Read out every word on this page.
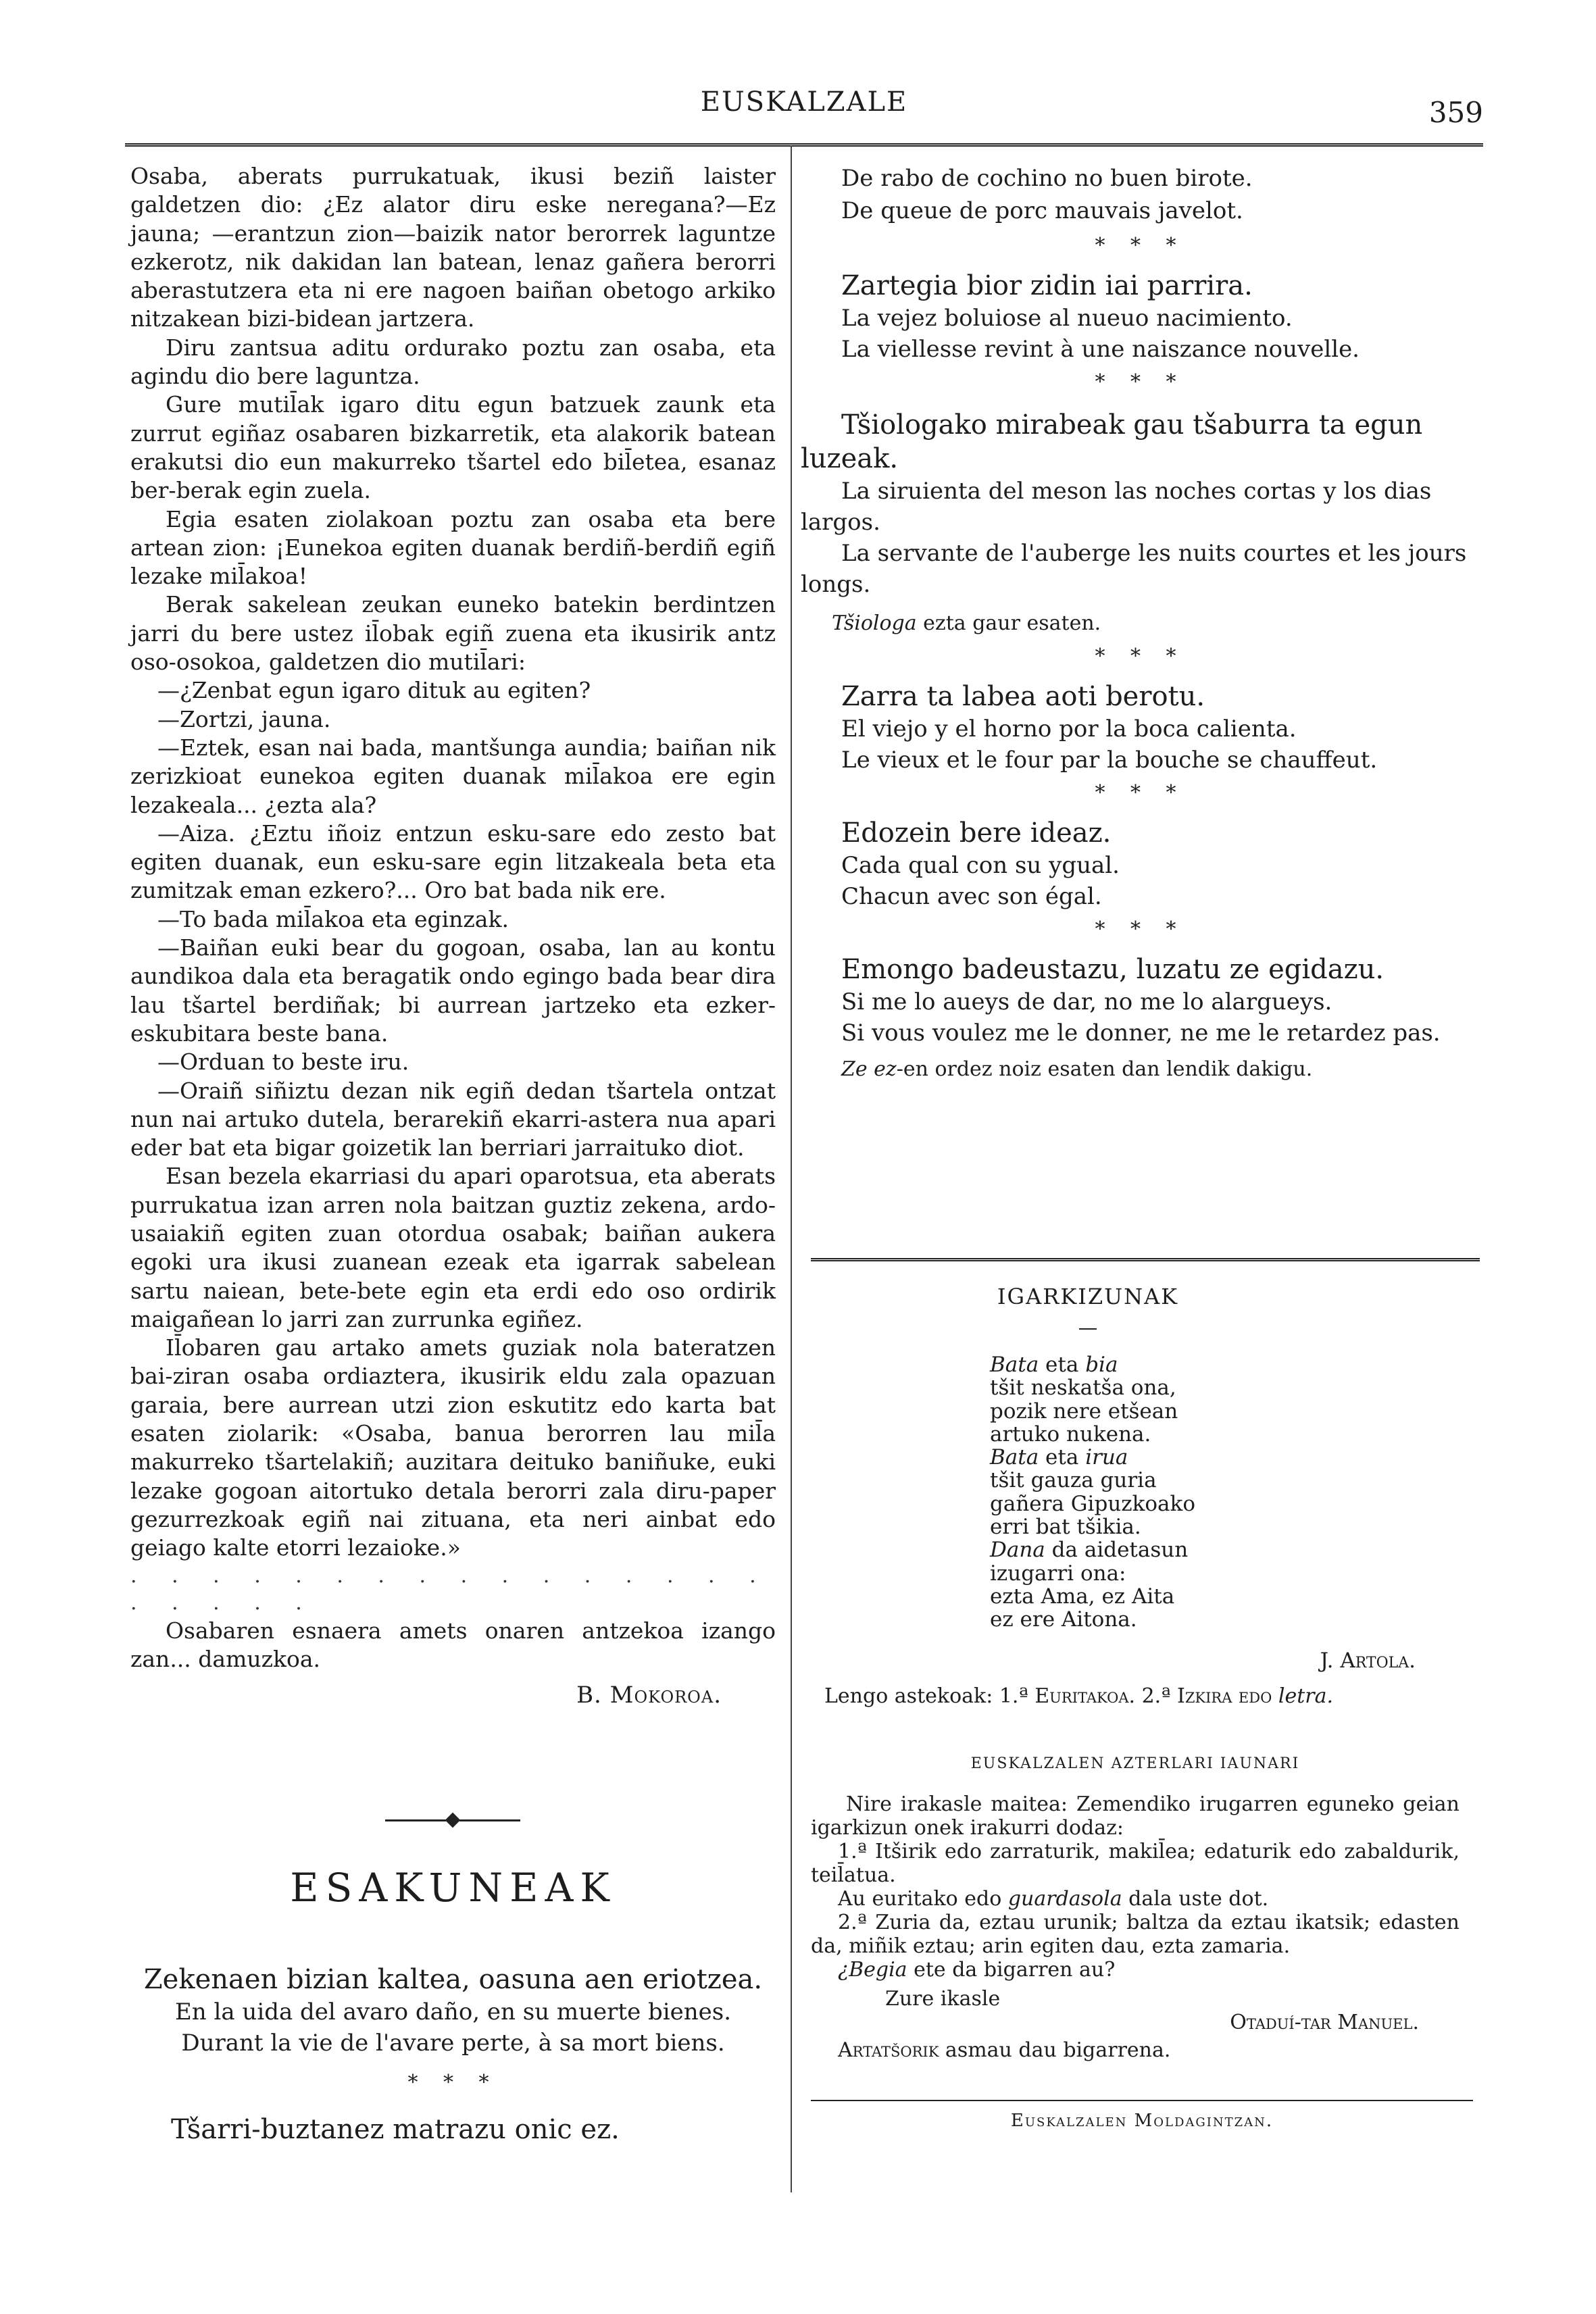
EUSKALZALE	359

Osaba, aberats purrukatuak, ikusi beziñ laister galdetzen dio: ¿Ez alator diru eske neregana?—Ez jauna; —erantzun zion—baizik nator berorrek laguntze ezkerotz, nik dakidan lan batean, lenaz gañera berorri aberastutzera eta ni ere nagoen baiñan obetogo arkiko nitzakean bizi-bidean jartzera.

Diru zantsua aditu ordurako poztu zan osaba, eta agindu dio bere laguntza.

Gure mutil̄ak igaro ditu egun batzuek zaunk eta zurrut egiñaz osabaren bizkarretik, eta alakorik batean erakutsi dio eun makurreko tšartel edo bil̄etea, esanaz ber-berak egin zuela.

Egia esaten ziolakoan poztu zan osaba eta bere artean zion: ¡Eunekoa egiten duanak berdiñ-berdiñ egiñ lezake mil̄akoa!

Berak sakelean zeukan euneko batekin berdintzen jarri du bere ustez il̄obak egiñ zuena eta ikusirik antz oso-osokoa, galdetzen dio mutil̄ari:

—¿Zenbat egun igaro dituk au egiten?

—Zortzi, jauna.

—Eztek, esan nai bada, mantšunga aundia; baiñan nik zerizkioat eunekoa egiten duanak mil̄akoa ere egin lezakeala... ¿ezta ala?

—Aiza. ¿Eztu iñoiz entzun esku-sare edo zesto bat egiten duanak, eun esku-sare egin litzakeala beta eta zumitzak eman ezkero?... Oro bat bada nik ere.

—To bada mil̄akoa eta eginzak.

—Baiñan euki bear du gogoan, osaba, lan au kontu aundikoa dala eta beragatik ondo egingo bada bear dira lau tšartel berdiñak; bi aurrean jartzeko eta ezker-eskubitara beste bana.

—Orduan to beste iru.

—Oraiñ siñiztu dezan nik egiñ dedan tšartela ontzat nun nai artuko dutela, berarekiñ ekarri-astera nua apari eder bat eta bigar goizetik lan berriari jarraituko diot.

Esan bezela ekarriasi du apari oparotsua, eta aberats purrukatua izan arren nola baitzan guztiz zekena, ardo-usaiakiñ egiten zuan otordua osabak; baiñan aukera egoki ura ikusi zuanean ezeak eta igarrak sabelean sartu naiean, bete-bete egin eta erdi edo oso ordirik maigañean lo jarri zan zurrunka egiñez.

Il̄obaren gau artako amets guziak nola bateratzen bai-ziran osaba ordiaztera, ikusirik eldu zala opazuan garaia, bere aurrean utzi zion eskutitz edo karta bat esaten ziolarik: «Osaba, banua berorren lau mil̄a makurreko tšartelakiñ; auzitara deituko baniñuke, euki lezake gogoan aitortuko detala berorri zala diru-paper gezurrezkoak egiñ nai zituana, eta neri ainbat edo geiago kalte etorri lezaioke.»

. . . . . . . . . . . . . . . . . . . . .

Osabaren esnaera amets onaren antzekoa izango zan... damuzkoa.

B. Mokoroa.
ESAKUNEAK
Zekenaen bizian kaltea, oasuna aen eriotzea.
En la uida del avaro daño, en su muerte bienes.
Durant la vie de l'avare perte, à sa mort biens.
* * *
Tšarri-buztanez matrazu onic ez.
De rabo de cochino no buen birote.
De queue de porc mauvais javelot.
* * *
Zartegia bior zidin iai parrira.
La vejez boluiose al nueuo nacimiento.
La viellesse revint à une naiszance nouvelle.
* * *
Tšiologako mirabeak gau tšaburra ta egun luzeak.
La siruienta del meson las noches cortas y los dias largos.
La servante de l'auberge les nuits courtes et les jours longs.
Tšiologa ezta gaur esaten.
* * *
Zarra ta labea aoti berotu.
El viejo y el horno por la boca calienta.
Le vieux et le four par la bouche se chauffeut.
* * *
Edozein bere ideaz.
Cada qual con su ygual.
Chacun avec son égal.
* * *
Emongo badeustazu, luzatu ze egidazu.
Si me lo aueys de dar, no me lo alargueys.
Si vous voulez me le donner, ne me le retardez pas.
Ze ez-en ordez noiz esaten dan lendik dakigu.
IGARKIZUNAK
Bata eta bia
tšit neskatša ona,
pozik nere etšean
artuko nukena.
Bata eta irua
tšit gauza guria
gañera Gipuzkoako
erri bat tšikia.
Dana da aidetasun
izugarri ona:
ezta Ama, ez Aita
ez ere Aitona.
J. Artola.
Lengo astekoak: 1.ª Euritakoa. 2.ª Izkira edo letra.
EUSKALZALEN AZTERLARI IAUNARI

Nire irakasle maitea: Zemendiko irugarren eguneko geian igarkizun onek irakurri dodaz:

1.ª Itširik edo zarraturik, makil̄ea; edaturik edo zabaldurik, teil̄atua.

Au euritako edo guardasola dala uste dot.

2.ª Zuria da, eztau urunik; baltza da eztau ikatsik; edasten da, miñik eztau; arin egiten dau, ezta zamaria.

¿Begia ete da bigarren au?

Zure ikasle

Otaduí-tar Manuel.

Artatšorik asmau dau bigarrena.

Euskalzalen Moldagintzan.
